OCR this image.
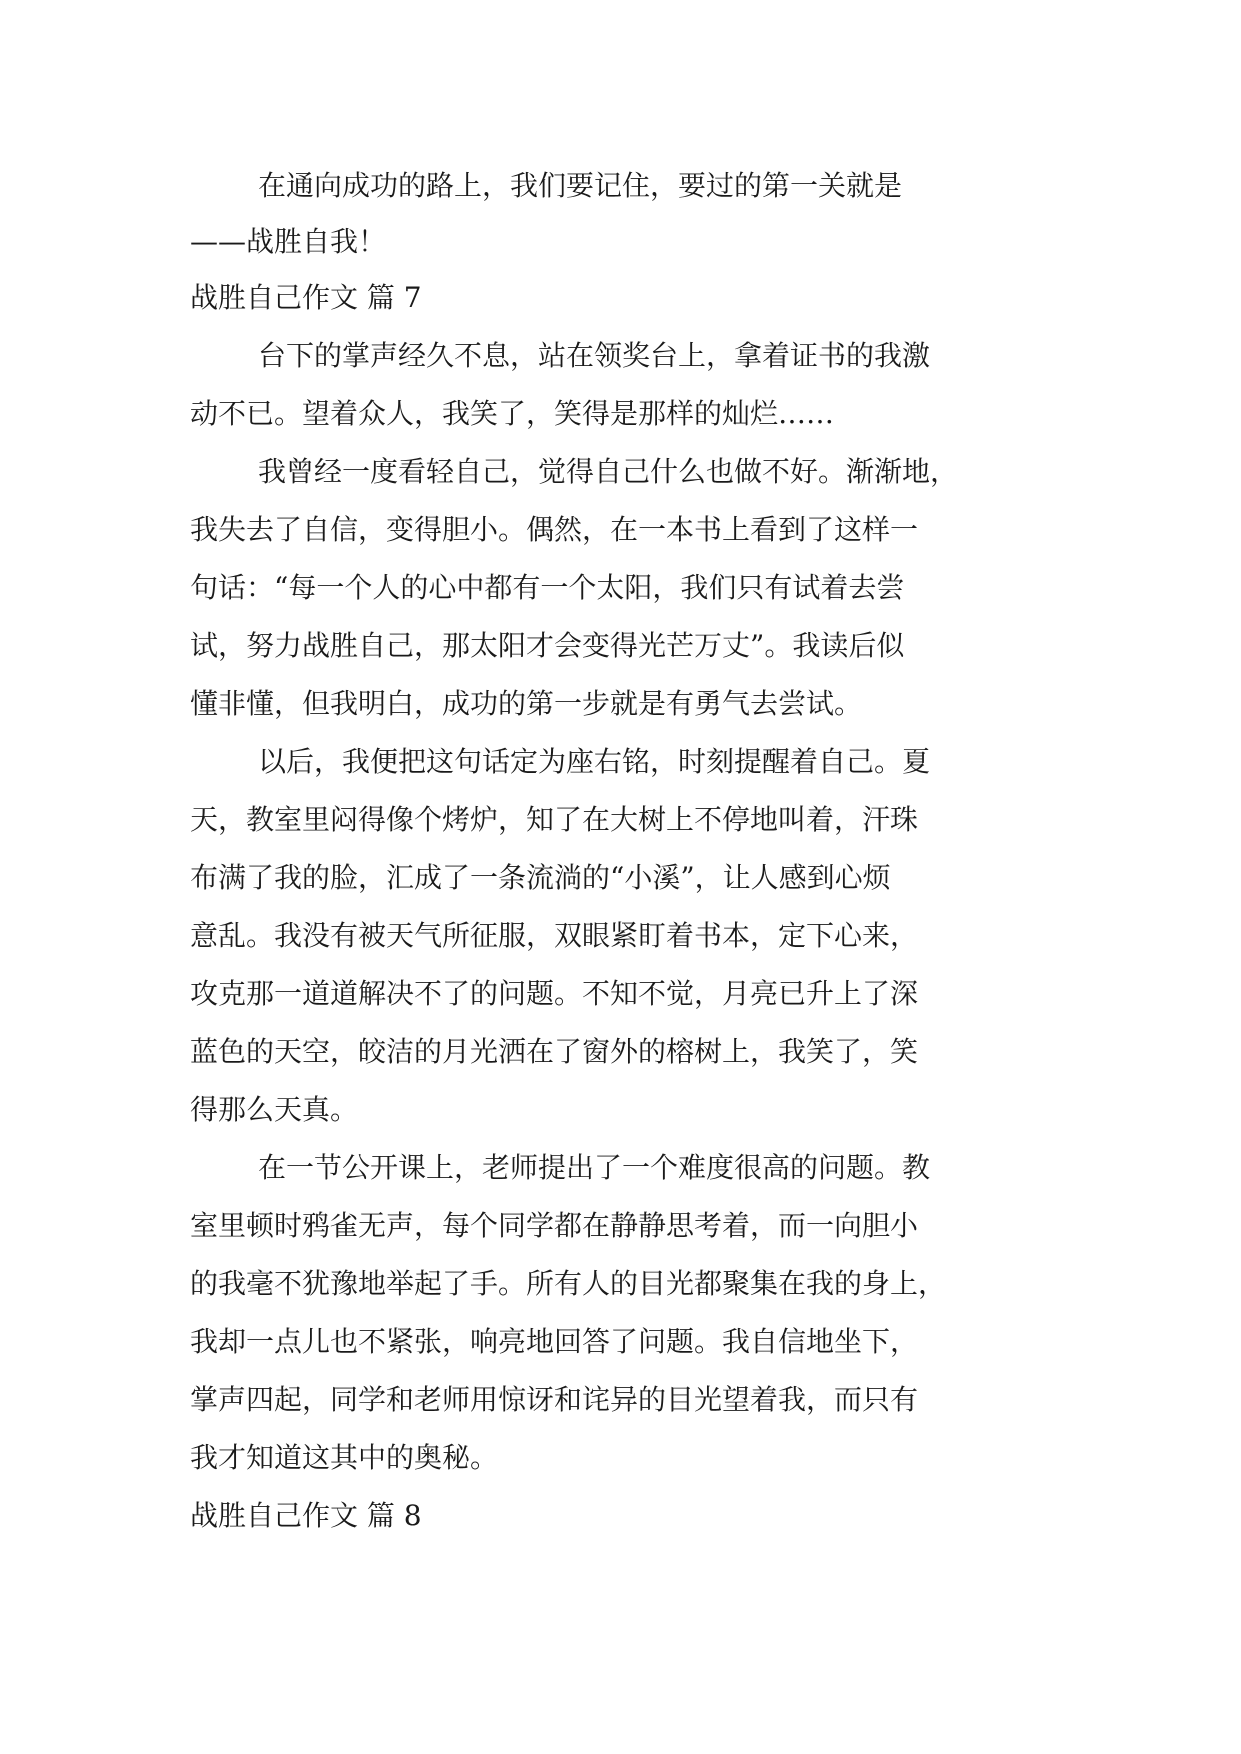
在通向成功的路上，我们要记住，要过的第一关就是
——战胜自我！
战胜自己作文 篇 7
台下的掌声经久不息，站在领奖台上，拿着证书的我激
动不已。望着众人，我笑了，笑得是那样的灿烂……
我曾经一度看轻自己，觉得自己什么也做不好。渐渐地，
我失去了自信，变得胆小。偶然，在一本书上看到了这样一
句话：“每一个人的心中都有一个太阳，我们只有试着去尝
试，努力战胜自己，那太阳才会变得光芒万丈”。我读后似
懂非懂，但我明白，成功的第一步就是有勇气去尝试。
以后，我便把这句话定为座右铭，时刻提醒着自己。夏
天，教室里闷得像个烤炉，知了在大树上不停地叫着，汗珠
布满了我的脸，汇成了一条流淌的“小溪”，让人感到心烦
意乱。我没有被天气所征服，双眼紧盯着书本，定下心来，
攻克那一道道解决不了的问题。不知不觉，月亮已升上了深
蓝色的天空，皎洁的月光洒在了窗外的榕树上，我笑了，笑
得那么天真。
在一节公开课上，老师提出了一个难度很高的问题。教
室里顿时鸦雀无声，每个同学都在静静思考着，而一向胆小
的我毫不犹豫地举起了手。所有人的目光都聚集在我的身上，
我却一点儿也不紧张，响亮地回答了问题。我自信地坐下，
掌声四起，同学和老师用惊讶和诧异的目光望着我，而只有
我才知道这其中的奥秘。
战胜自己作文 篇 8
